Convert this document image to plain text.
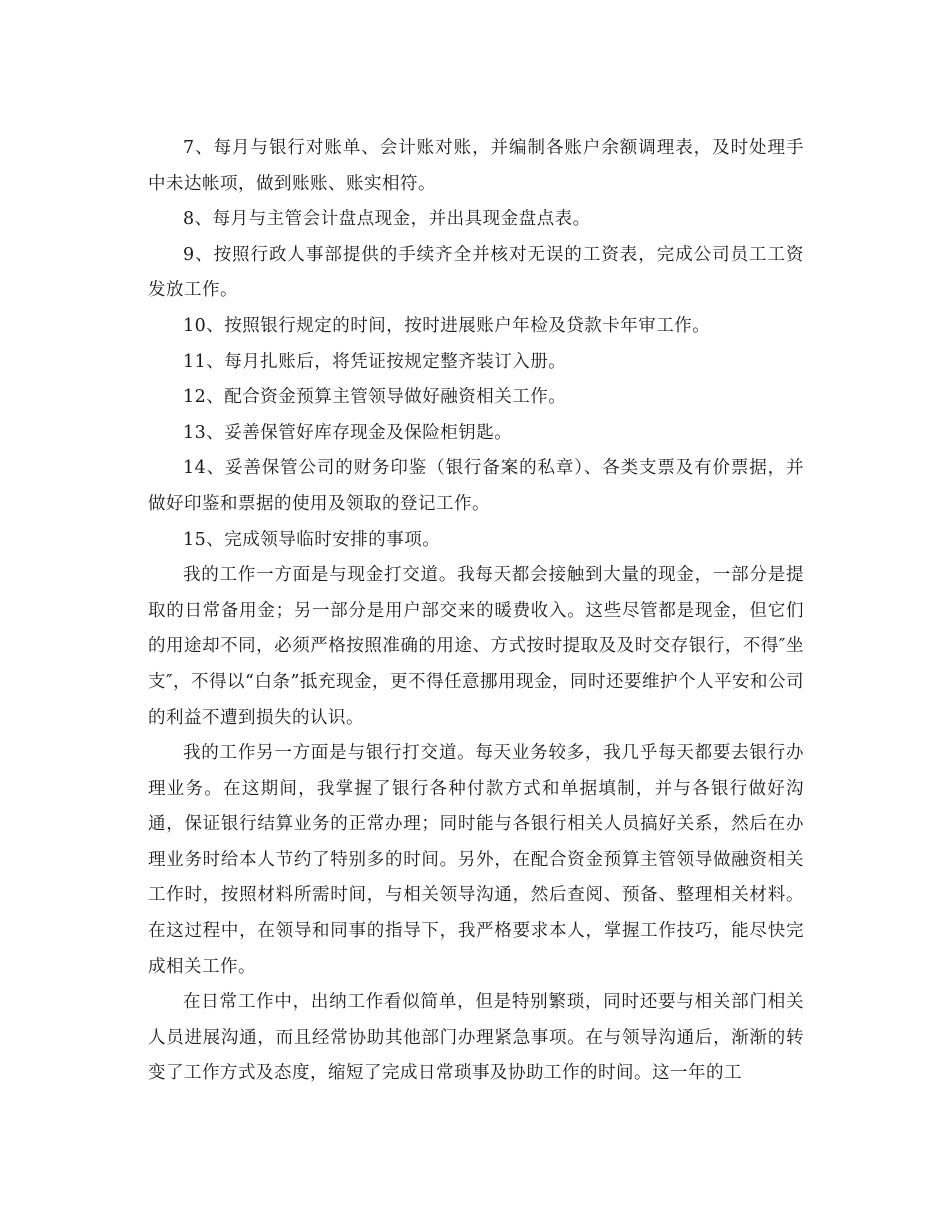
7、每月与银行对账单、会计账对账，并编制各账户余额调理表，及时处理手中未达帐项，做到账账、账实相符。

8、每月与主管会计盘点现金，并出具现金盘点表。

9、按照行政人事部提供的手续齐全并核对无误的工资表，完成公司员工工资发放工作。

10、按照银行规定的时间，按时进展账户年检及贷款卡年审工作。

11、每月扎账后，将凭证按规定整齐装订入册。

12、配合资金预算主管领导做好融资相关工作。

13、妥善保管好库存现金及保险柜钥匙。

14、妥善保管公司的财务印鉴（银行备案的私章）、各类支票及有价票据，并做好印鉴和票据的使用及领取的登记工作。

15、完成领导临时安排的事项。

我的工作一方面是与现金打交道。我每天都会接触到大量的现金，一部分是提取的日常备用金；另一部分是用户部交来的暖费收入。这些尽管都是现金，但它们的用途却不同，必须严格按照准确的用途、方式按时提取及及时交存银行，不得″坐支″，不得以“白条”抵充现金，更不得任意挪用现金，同时还要维护个人平安和公司的利益不遭到损失的认识。

我的工作另一方面是与银行打交道。每天业务较多，我几乎每天都要去银行办理业务。在这期间，我掌握了银行各种付款方式和单据填制，并与各银行做好沟通，保证银行结算业务的正常办理；同时能与各银行相关人员搞好关系，然后在办理业务时给本人节约了特别多的时间。另外，在配合资金预算主管领导做融资相关工作时，按照材料所需时间，与相关领导沟通，然后查阅、预备、整理相关材料。在这过程中，在领导和同事的指导下，我严格要求本人，掌握工作技巧，能尽快完成相关工作。

在日常工作中，出纳工作看似简单，但是特别繁琐，同时还要与相关部门相关人员进展沟通，而且经常协助其他部门办理紧急事项。在与领导沟通后，渐渐的转变了工作方式及态度，缩短了完成日常琐事及协助工作的时间。这一年的工
